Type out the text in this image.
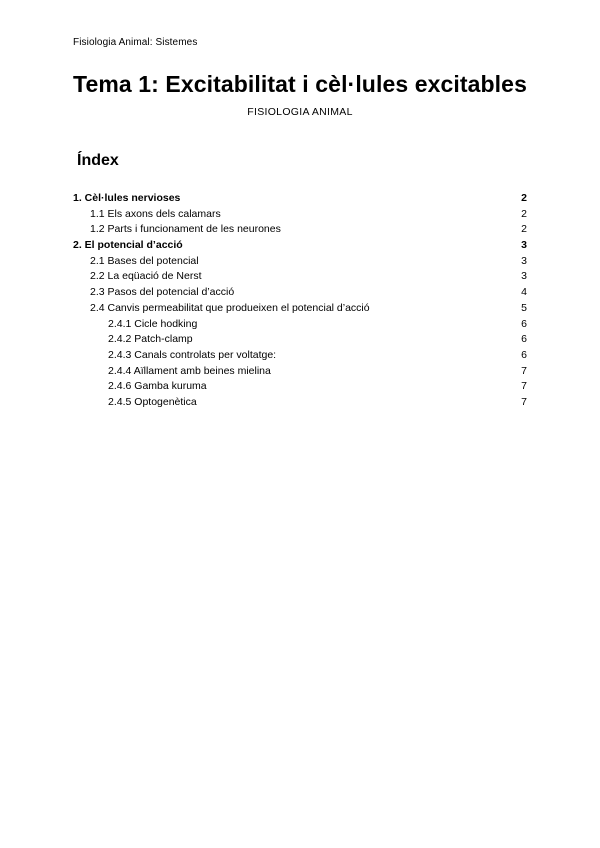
Fisiologia Animal: Sistemes
Tema 1: Excitabilitat i cèl·lules excitables
FISIOLOGIA ANIMAL
Índex
1. Cèl·lules nervioses	2
1.1 Els axons dels calamars	2
1.2 Parts i funcionament de les neurones	2
2. El potencial d’acció	3
2.1 Bases del potencial	3
2.2 La eqüació de Nerst	3
2.3 Pasos del potencial d’acció	4
2.4 Canvis permeabilitat que produeixen el potencial d’acció	5
2.4.1 Cicle hodking	6
2.4.2 Patch-clamp	6
2.4.3 Canals controlats per voltatge:	6
2.4.4 Aïllament amb beines mielina	7
2.4.6 Gamba kuruma	7
2.4.5 Optogenètica	7
